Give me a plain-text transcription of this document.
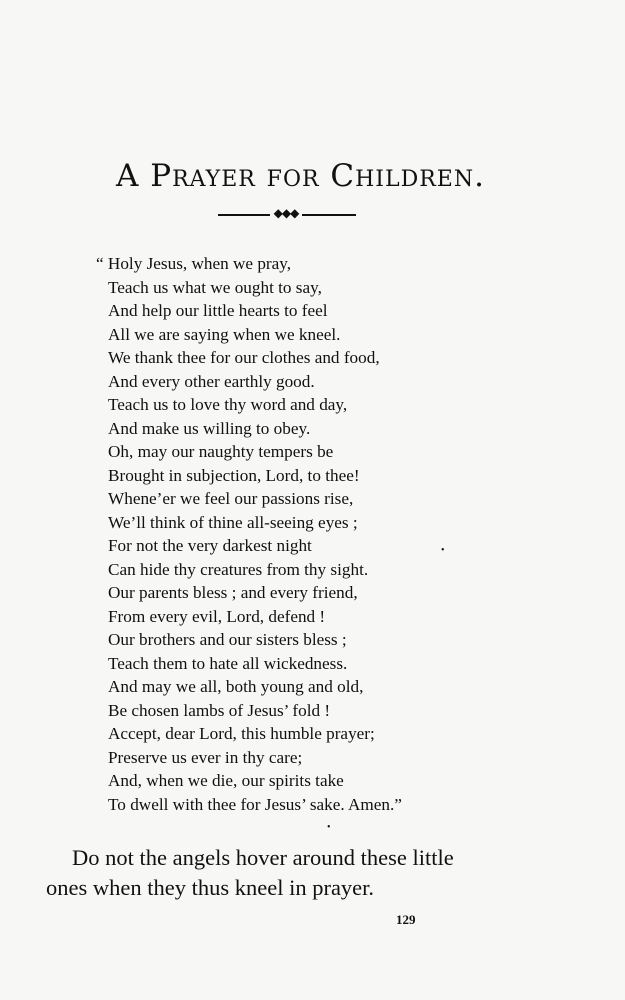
A Prayer for Children.
◆◆◆
“ Holy Jesus, when we pray,
Teach us what we ought to say,
And help our little hearts to feel
All we are saying when we kneel.
We thank thee for our clothes and food,
And every other earthly good.
Teach us to love thy word and day,
And make us willing to obey.
Oh, may our naughty tempers be
Brought in subjection, Lord, to thee!
Whene’er we feel our passions rise,
We’ll think of thine all-seeing eyes ;
For not the very darkest night
Can hide thy creatures from thy sight.
Our parents bless ; and every friend,
From every evil, Lord, defend !
Our brothers and our sisters bless ;
Teach them to hate all wickedness.
And may we all, both young and old,
Be chosen lambs of Jesus’ fold !
Accept, dear Lord, this humble prayer;
Preserve us ever in thy care;
And, when we die, our spirits take
To dwell with thee for Jesus’ sake. Amen.”
•
•
Do not the angels hover around these little
ones when they thus kneel in prayer.
129
